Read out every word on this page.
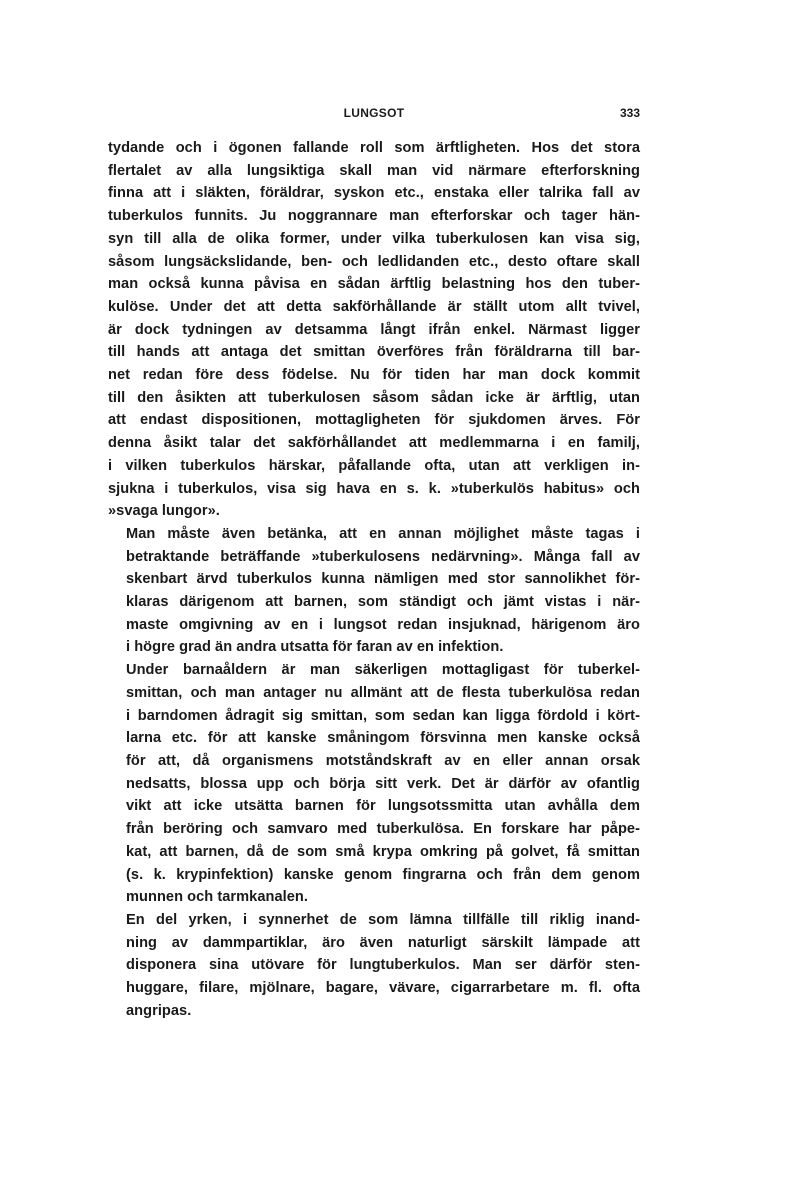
LUNGSOT	333
tydande och i ögonen fallande roll som ärftligheten. Hos det stora
flertalet av alla lungsiktiga skall man vid närmare efterforskning
finna att i släkten, föräldrar, syskon etc., enstaka eller talrika fall av
tuberkulos funnits. Ju noggrannare man efterforskar och tager hän-
syn till alla de olika former, under vilka tuberkulosen kan visa sig,
såsom lungsäckslidande, ben- och ledlidanden etc., desto oftare skall
man också kunna påvisa en sådan ärftlig belastning hos den tuber-
kulöse. Under det att detta sakförhållande är ställt utom allt tvivel,
är dock tydningen av detsamma långt ifrån enkel. Närmast ligger
till hands att antaga det smittan överföres från föräldrarna till bar-
net redan före dess födelse. Nu för tiden har man dock kommit
till den åsikten att tuberkulosen såsom sådan icke är ärftlig, utan
att endast dispositionen, mottagligheten för sjukdomen ärves. För
denna åsikt talar det sakförhållandet att medlemmarna i en familj,
i vilken tuberkulos härskar, påfallande ofta, utan att verkligen in-
sjukna i tuberkulos, visa sig hava en s. k. »tuberkulös habitus» och
»svaga lungor».
Man måste även betänka, att en annan möjlighet måste tagas i
betraktande beträffande »tuberkulosens nedärvning». Många fall av
skenbart ärvd tuberkulos kunna nämligen med stor sannolikhet för-
klaras därigenom att barnen, som ständigt och jämt vistas i när-
maste omgivning av en i lungsot redan insjuknad, härigenom äro
i högre grad än andra utsatta för faran av en infektion.
Under barnaåldern är man säkerligen mottagligast för tuberkel-
smittan, och man antager nu allmänt att de flesta tuberkulösa redan
i barndomen ådragit sig smittan, som sedan kan ligga fördold i kört-
larna etc. för att kanske småningom försvinna men kanske också
för att, då organismens motståndskraft av en eller annan orsak
nedsatts, blossa upp och börja sitt verk. Det är därför av ofantlig
vikt att icke utsätta barnen för lungsotssmitta utan avhålla dem
från beröring och samvaro med tuberkulösa. En forskare har påpe-
kat, att barnen, då de som små krypa omkring på golvet, få smittan
(s. k. krypinfektion) kanske genom fingrarna och från dem genom
munnen och tarmkanalen.
En del yrken, i synnerhet de som lämna tillfälle till riklig inand-
ning av dammpartiklar, äro även naturligt särskilt lämpade att
disponera sina utövare för lungtuberkulos. Man ser därför sten-
huggare, filare, mjölnare, bagare, vävare, cigarrarbetare m. fl. ofta
angripas.
